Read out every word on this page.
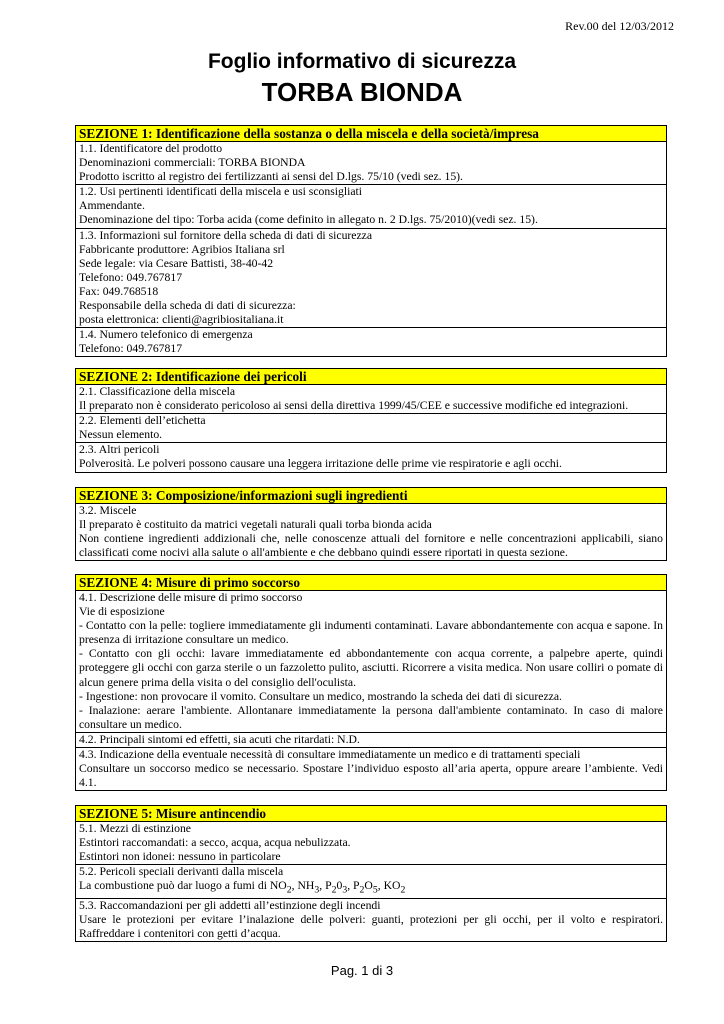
Rev.00 del 12/03/2012
Foglio informativo di sicurezza
TORBA BIONDA
SEZIONE 1: Identificazione della sostanza o della miscela e della società/impresa
1.1. Identificatore del prodotto
Denominazioni commerciali: TORBA BIONDA
Prodotto iscritto al registro dei fertilizzanti ai sensi del D.lgs. 75/10 (vedi sez. 15).
1.2. Usi pertinenti identificati della miscela e usi sconsigliati
Ammendante.
Denominazione del tipo: Torba acida (come definito in allegato n. 2 D.lgs. 75/2010)(vedi sez. 15).
1.3. Informazioni sul fornitore della scheda di dati di sicurezza
Fabbricante produttore: Agribios Italiana srl
Sede legale: via Cesare Battisti, 38-40-42
Telefono: 049.767817
Fax: 049.768518
Responsabile della scheda di dati di sicurezza:
posta elettronica: clienti@agribiositaliana.it
1.4. Numero telefonico di emergenza
Telefono: 049.767817
SEZIONE 2: Identificazione dei pericoli
2.1. Classificazione della miscela
Il preparato non è considerato pericoloso ai sensi della direttiva 1999/45/CEE e successive modifiche ed integrazioni.
2.2. Elementi dell’etichetta
Nessun elemento.
2.3. Altri pericoli
Polverosità. Le polveri possono causare una leggera irritazione delle prime vie respiratorie e agli occhi.
SEZIONE 3: Composizione/informazioni sugli ingredienti
3.2. Miscele
Il preparato è costituito da matrici vegetali naturali quali torba bionda acida
Non contiene ingredienti addizionali che, nelle conoscenze attuali del fornitore e nelle concentrazioni applicabili, siano classificati come nocivi alla salute o all'ambiente e che debbano quindi essere riportati in questa sezione.
SEZIONE 4: Misure di primo soccorso
4.1. Descrizione delle misure di primo soccorso
Vie di esposizione
- Contatto con la pelle: togliere immediatamente gli indumenti contaminati. Lavare abbondantemente con acqua e sapone. In presenza di irritazione consultare un medico.
- Contatto con gli occhi: lavare immediatamente ed abbondantemente con acqua corrente, a palpebre aperte, quindi proteggere gli occhi con garza sterile o un fazzoletto pulito, asciutti. Ricorrere a visita medica. Non usare colliri o pomate di alcun genere prima della visita o del consiglio dell'oculista.
- Ingestione: non provocare il vomito. Consultare un medico, mostrando la scheda dei dati di sicurezza.
- Inalazione: aerare l'ambiente. Allontanare immediatamente la persona dall'ambiente contaminato. In caso di malore consultare un medico.
4.2. Principali sintomi ed effetti, sia acuti che ritardati: N.D.
4.3. Indicazione della eventuale necessità di consultare immediatamente un medico e di trattamenti speciali
Consultare un soccorso medico se necessario. Spostare l’individuo esposto all’aria aperta, oppure areare l’ambiente. Vedi 4.1.
SEZIONE 5: Misure antincendio
5.1. Mezzi di estinzione
Estintori raccomandati: a secco, acqua, acqua nebulizzata.
Estintori non idonei: nessuno in particolare
5.2. Pericoli speciali derivanti dalla miscela
La combustione può dar luogo a fumi di $NO_2$, $NH_3$, $P_20_3$, $P_2O_5$, $KO_2$
5.3. Raccomandazioni per gli addetti all’estinzione degli incendi
Usare le protezioni per evitare l’inalazione delle polveri: guanti, protezioni per gli occhi, per il volto e respiratori. Raffreddare i contenitori con getti d’acqua.
Pag. 1 di 3
